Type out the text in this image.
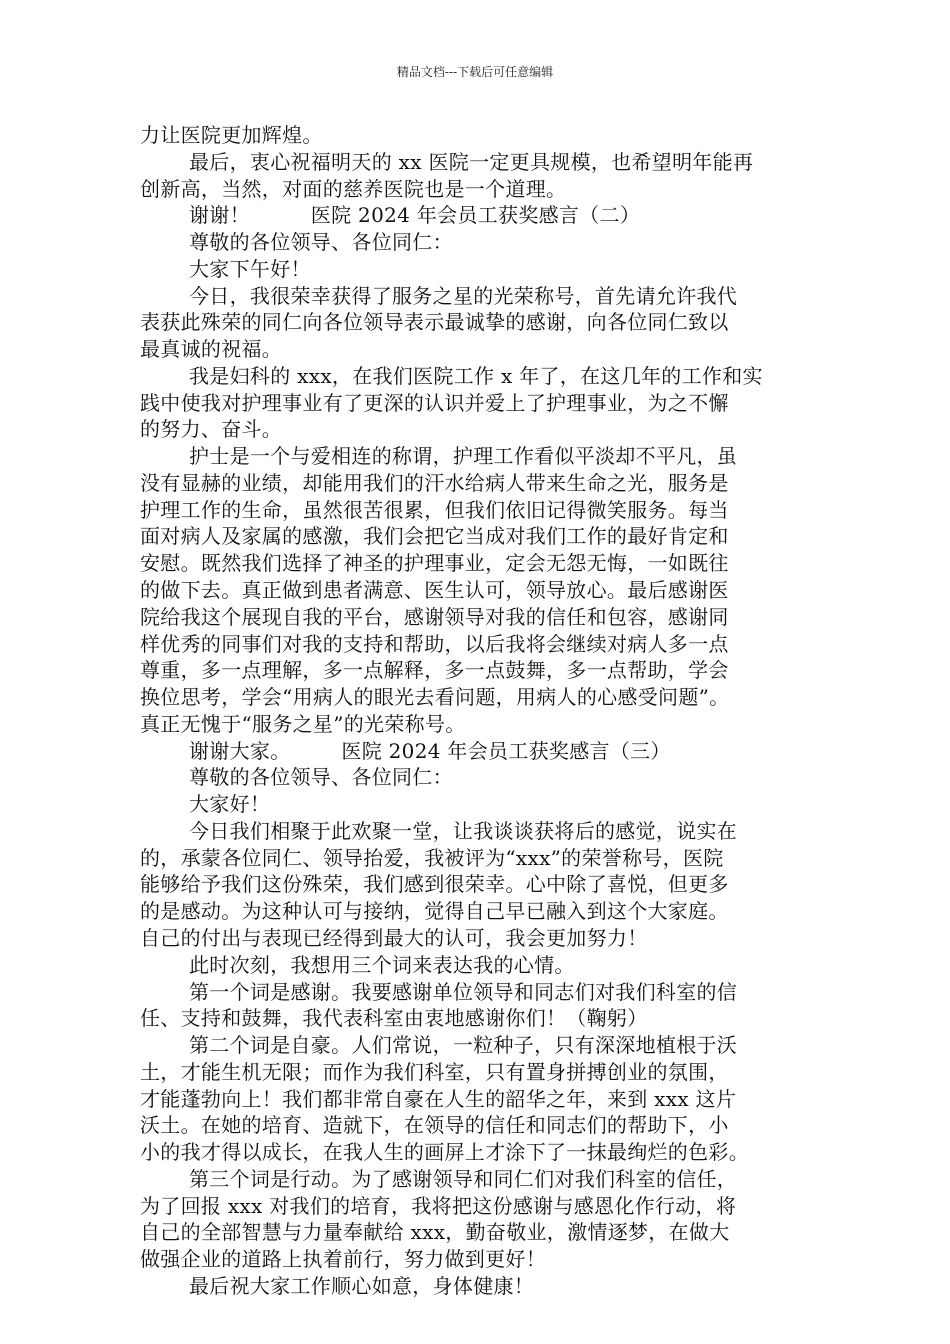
精品文档---下载后可任意编辑
力让医院更加辉煌。
最后，衷心祝福明天的 xx 医院一定更具规模，也希望明年能再
创新高，当然，对面的慈养医院也是一个道理。
谢谢！　　　医院 2024 年会员工获奖感言（二）
尊敬的各位领导、各位同仁：
大家下午好！
今日，我很荣幸获得了服务之星的光荣称号，首先请允许我代
表获此殊荣的同仁向各位领导表示最诚挚的感谢，向各位同仁致以
最真诚的祝福。
我是妇科的 xxx，在我们医院工作 x 年了，在这几年的工作和实
践中使我对护理事业有了更深的认识并爱上了护理事业，为之不懈
的努力、奋斗。
护士是一个与爱相连的称谓，护理工作看似平淡却不平凡，虽
没有显赫的业绩，却能用我们的汗水给病人带来生命之光，服务是
护理工作的生命，虽然很苦很累，但我们依旧记得微笑服务。每当
面对病人及家属的感激，我们会把它当成对我们工作的最好肯定和
安慰。既然我们选择了神圣的护理事业，定会无怨无悔，一如既往
的做下去。真正做到患者满意、医生认可，领导放心。最后感谢医
院给我这个展现自我的平台，感谢领导对我的信任和包容，感谢同
样优秀的同事们对我的支持和帮助，以后我将会继续对病人多一点
尊重，多一点理解，多一点解释，多一点鼓舞，多一点帮助，学会
换位思考，学会“用病人的眼光去看问题，用病人的心感受问题”。
真正无愧于“服务之星”的光荣称号。
谢谢大家。　　　医院 2024 年会员工获奖感言（三）
尊敬的各位领导、各位同仁：
大家好！
今日我们相聚于此欢聚一堂，让我谈谈获将后的感觉，说实在
的，承蒙各位同仁、领导抬爱，我被评为“xxx”的荣誉称号，医院
能够给予我们这份殊荣，我们感到很荣幸。心中除了喜悦，但更多
的是感动。为这种认可与接纳，觉得自己早已融入到这个大家庭。
自己的付出与表现已经得到最大的认可，我会更加努力！
此时次刻，我想用三个词来表达我的心情。
第一个词是感谢。我要感谢单位领导和同志们对我们科室的信
任、支持和鼓舞，我代表科室由衷地感谢你们！（鞠躬）
第二个词是自豪。人们常说，一粒种子，只有深深地植根于沃
土，才能生机无限；而作为我们科室，只有置身拼搏创业的氛围，
才能蓬勃向上！我们都非常自豪在人生的韶华之年，来到 xxx 这片
沃土。在她的培育、造就下，在领导的信任和同志们的帮助下，小
小的我才得以成长，在我人生的画屏上才涂下了一抹最绚烂的色彩。
第三个词是行动。为了感谢领导和同仁们对我们科室的信任，
为了回报 xxx 对我们的培育，我将把这份感谢与感恩化作行动，将
自己的全部智慧与力量奉献给 xxx，勤奋敬业，激情逐梦，在做大
做强企业的道路上执着前行，努力做到更好！
最后祝大家工作顺心如意，身体健康！
